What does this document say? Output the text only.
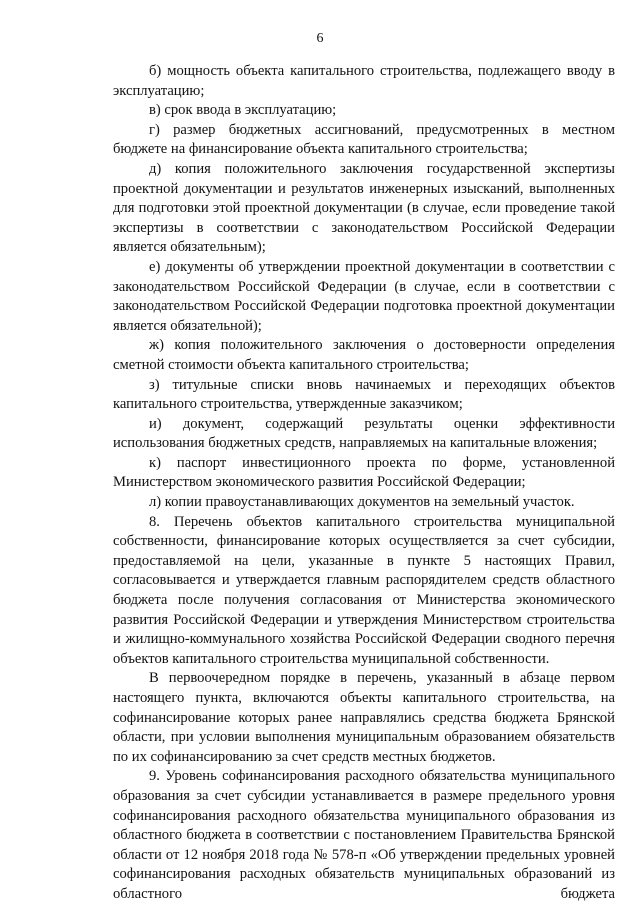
6

б) мощность объекта капитального строительства, подлежащего вводу в эксплуатацию;

в) срок ввода в эксплуатацию;

г) размер бюджетных ассигнований, предусмотренных в местном бюджете на финансирование объекта капитального строительства;

д) копия положительного заключения государственной экспертизы проектной документации и результатов инженерных изысканий, выполненных для подготовки этой проектной документации (в случае, если проведение такой экспертизы в соответствии с законодательством Российской Федерации является обязательным);

е) документы об утверждении проектной документации в соответствии с законодательством Российской Федерации (в случае, если в соответствии с законодательством Российской Федерации подготовка проектной документации является обязательной);

ж) копия положительного заключения о достоверности определения сметной стоимости объекта капитального строительства;

з) титульные списки вновь начинаемых и переходящих объектов капитального строительства, утвержденные заказчиком;

и) документ, содержащий результаты оценки эффективности использования бюджетных средств, направляемых на капитальные вложения;

к) паспорт инвестиционного проекта по форме, установленной Министерством экономического развития Российской Федерации;

л) копии правоустанавливающих документов на земельный участок.

8. Перечень объектов капитального строительства муниципальной собственности, финансирование которых осуществляется за счет субсидии, предоставляемой на цели, указанные в пункте 5 настоящих Правил, согласовывается и утверждается главным распорядителем средств областного бюджета после получения согласования от Министерства экономического развития Российской Федерации и утверждения Министерством строительства и жилищно-коммунального хозяйства Российской Федерации сводного перечня объектов капитального строительства муниципальной собственности.

В первоочередном порядке в перечень, указанный в абзаце первом настоящего пункта, включаются объекты капитального строительства, на софинансирование которых ранее направлялись средства бюджета Брянской области, при условии выполнения муниципальным образованием обязательств по их софинансированию за счет средств местных бюджетов.

9. Уровень софинансирования расходного обязательства муниципального образования за счет субсидии устанавливается в размере предельного уровня софинансирования расходного обязательства муниципального образования из областного бюджета в соответствии с постановлением Правительства Брянской области от 12 ноября 2018 года № 578-п «Об утверждении предельных уровней софинансирования расходных обязательств муниципальных образований из областного бюджета
